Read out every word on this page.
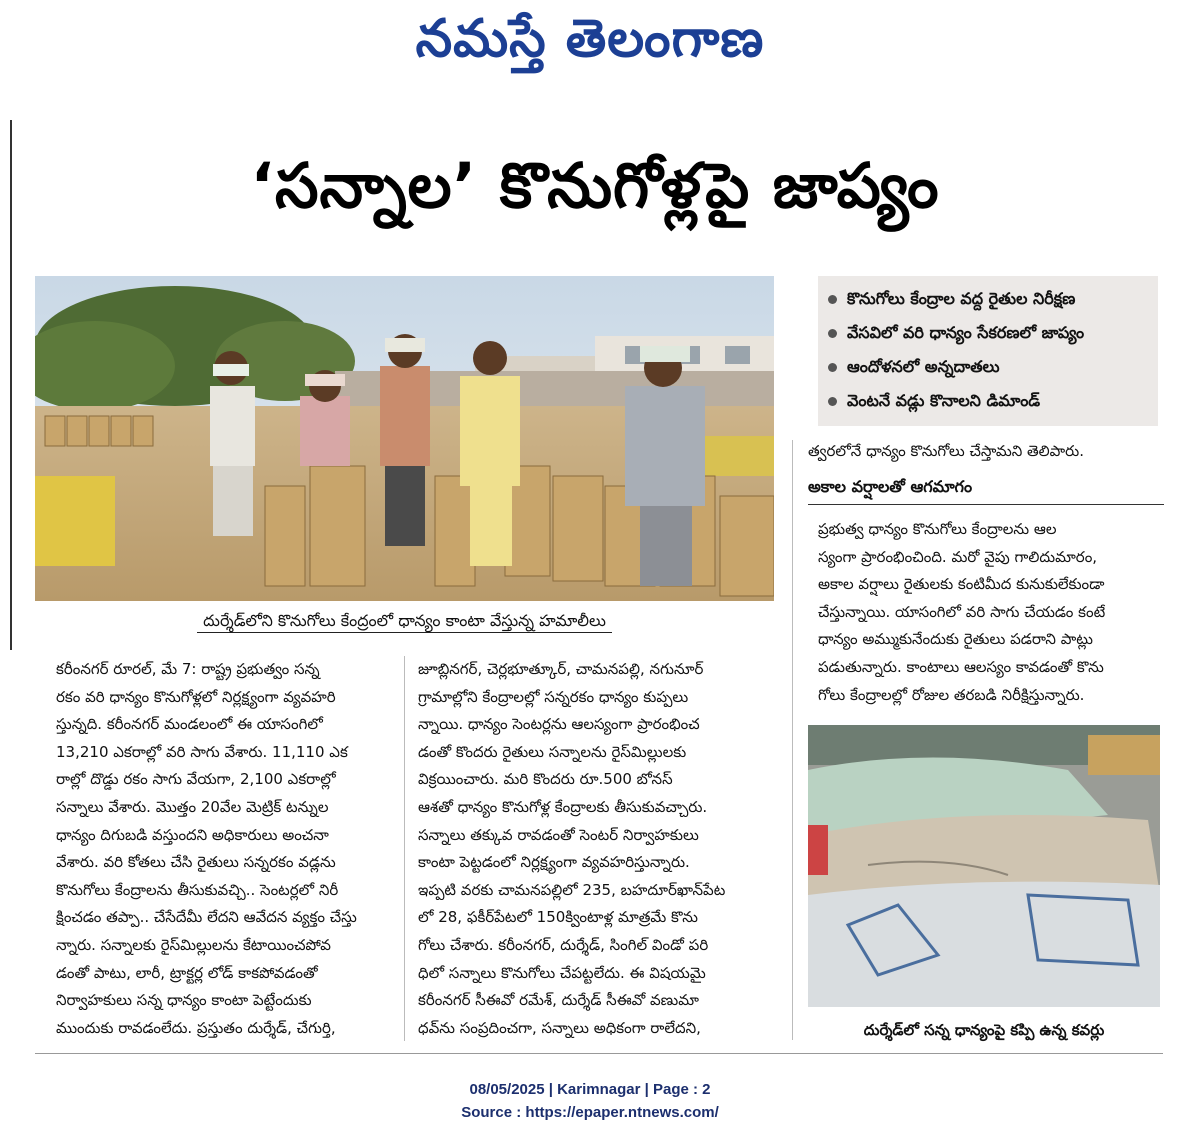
నమస్తే తెలంగాణ
‘సన్నాల’ కొనుగోళ్లపై జాప్యం
దుర్శేడ్‌లోని కొనుగోలు కేంద్రంలో ధాన్యం కాంటా వేస్తున్న హమాలీలు
కొనుగోలు కేంద్రాల వద్ద రైతుల నిరీక్షణ
వేసవిలో వరి ధాన్యం సేకరణలో జాప్యం
ఆందోళనలో అన్నదాతలు
వెంటనే వడ్లు కొనాలని డిమాండ్
త్వరలోనే ధాన్యం కొనుగోలు చేస్తామని తెలిపారు.
అకాల వర్షాలతో ఆగమాగం

కరీంనగర్ రూరల్, మే 7: రాష్ట్ర ప్రభుత్వం సన్న

రకం వరి ధాన్యం కొనుగోళ్లలో నిర్లక్ష్యంగా వ్యవహరి

స్తున్నది. కరీంనగర్ మండలంలో ఈ యాసంగిలో

13,210 ఎకరాల్లో వరి సాగు వేశారు. 11,110 ఎక

రాల్లో దొడ్డు రకం సాగు వేయగా, 2,100 ఎకరాల్లో

సన్నాలు వేశారు. మొత్తం 20వేల మెట్రిక్ టన్నుల

ధాన్యం దిగుబడి వస్తుందని అధికారులు అంచనా

వేశారు. వరి కోతలు చేసి రైతులు సన్నరకం వడ్లను

కొనుగోలు కేంద్రాలను తీసుకువచ్చి.. సెంటర్లలో నిరీ

క్షించడం తప్పా.. చేసేదేమీ లేదని ఆవేదన వ్యక్తం చేస్తు

న్నారు. సన్నాలకు రైస్‌మిల్లులను కేటాయించపోవ

డంతో పాటు, లారీ, ట్రాక్టర్ల లోడ్ కాకపోవడంతో

నిర్వాహకులు సన్న ధాన్యం కాంటా పెట్టేందుకు

ముందుకు రావడంలేదు. ప్రస్తుతం దుర్శేడ్, చేగుర్తి,

జూబ్లినగర్, చెర్లభూత్కూర్, చామనపల్లి, నగునూర్

గ్రామాల్లోని కేంద్రాలల్లో సన్నరకం ధాన్యం కుప్పలు

న్నాయి. ధాన్యం సెంటర్లను ఆలస్యంగా ప్రారంభించ

డంతో కొందరు రైతులు సన్నాలను రైస్‌మిల్లులకు

విక్రయించారు. మరి కొందరు రూ.500 బోనస్

ఆశతో ధాన్యం కొనుగోళ్ల కేంద్రాలకు తీసుకువచ్చారు.

సన్నాలు తక్కువ రావడంతో సెంటర్ నిర్వాహకులు

కాంటా పెట్టడంలో నిర్లక్ష్యంగా వ్యవహరిస్తున్నారు.

ఇప్పటి వరకు చామనపల్లిలో 235, బహదూర్‌ఖాన్‌పేట

లో 28, ఫకీర్‌పేటలో 150క్వింటాళ్ల మాత్రమే కొను

గోలు చేశారు. కరీంనగర్, దుర్శేడ్, సింగిల్ విండో పరి

ధిలో సన్నాలు కొనుగోలు చేపట్టలేదు. ఈ విషయమై

కరీంనగర్ సీఈవో రమేశ్, దుర్శేడ్ సీఈవో వణుమా

ధవ్‌ను సంప్రదించగా, సన్నాలు అధికంగా రాలేదని,

ప్రభుత్వ ధాన్యం కొనుగోలు కేంద్రాలను ఆల

స్యంగా ప్రారంభించింది. మరో వైపు గాలిదుమారం,

అకాల వర్షాలు రైతులకు కంటిమీద కునుకులేకుండా

చేస్తున్నాయి. యాసంగిలో వరి సాగు చేయడం కంటే

ధాన్యం అమ్ముకునేందుకు రైతులు పడరాని పాట్లు

పడుతున్నారు. కాంటాలు ఆలస్యం కావడంతో కొను

గోలు కేంద్రాలల్లో రోజుల తరబడి నిరీక్షిస్తున్నారు.

దుర్శేడ్‌లో సన్న ధాన్యంపై కప్పి ఉన్న కవర్లు
08/05/2025 | Karimnagar | Page : 2
Source : https://epaper.ntnews.com/
